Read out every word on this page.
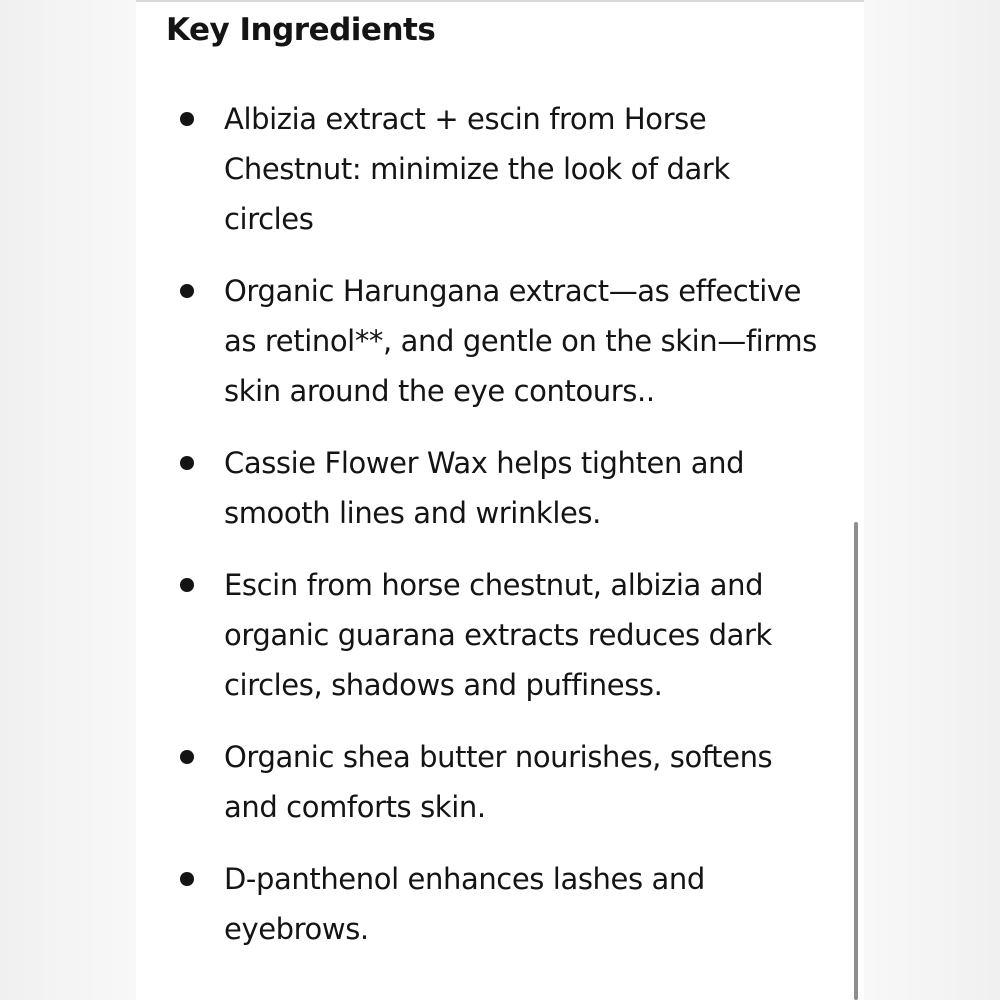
Key Ingredients
Albizia extract + escin from Horse Chestnut: minimize the look of dark circles
Organic Harungana extract—as effective as retinol**, and gentle on the skin—firms skin around the eye contours..
Cassie Flower Wax helps tighten and smooth lines and wrinkles.
Escin from horse chestnut, albizia and organic guarana extracts reduces dark circles, shadows and puffiness.
Organic shea butter nourishes, softens and comforts skin.
D-panthenol enhances lashes and eyebrows.
